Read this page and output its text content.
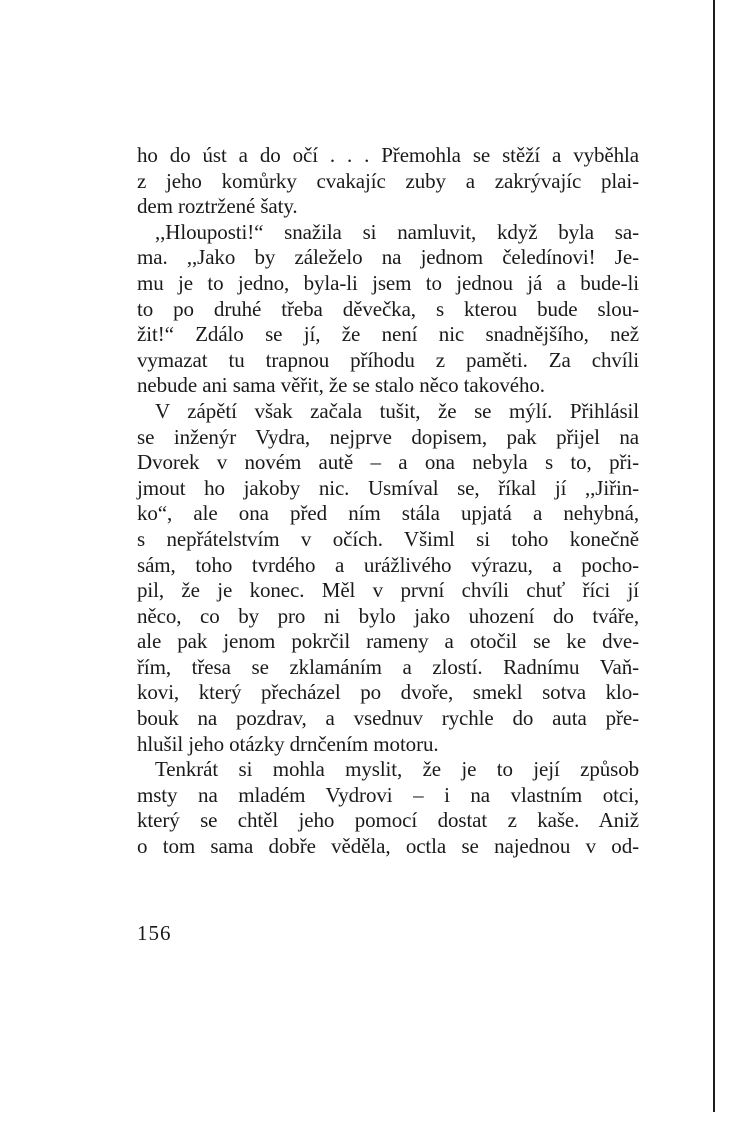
ho do úst a do očí . . . Přemohla se stěží a vyběhla
z jeho komůrky cvakajíc zuby a zakrývajíc plai-
dem roztržené šaty.
,,Hlouposti!“ snažila si namluvit, když byla sa-
ma. ,,Jako by záleželo na jednom čeledínovi! Je-
mu je to jedno, byla-li jsem to jednou já a bude-li
to po druhé třeba děvečka, s kterou bude slou-
žit!“ Zdálo se jí, že není nic snadnějšího, než
vymazat tu trapnou příhodu z paměti. Za chvíli
nebude ani sama věřit, že se stalo něco takového.
V zápětí však začala tušit, že se mýlí. Přihlásil
se inženýr Vydra, nejprve dopisem, pak přijel na
Dvorek v novém autě – a ona nebyla s to, při-
jmout ho jakoby nic. Usmíval se, říkal jí ,,Jiřin-
ko“, ale ona před ním stála upjatá a nehybná,
s nepřátelstvím v očích. Všiml si toho konečně
sám, toho tvrdého a urážlivého výrazu, a pocho-
pil, že je konec. Měl v první chvíli chuť říci jí
něco, co by pro ni bylo jako uhození do tváře,
ale pak jenom pokrčil rameny a otočil se ke dve-
řím, třesa se zklamáním a zlostí. Radnímu Vaň-
kovi, který přecházel po dvoře, smekl sotva klo-
bouk na pozdrav, a vsednuv rychle do auta pře-
hlušil jeho otázky drnčením motoru.
Tenkrát si mohla myslit, že je to její způsob
msty na mladém Vydrovi – i na vlastním otci,
který se chtěl jeho pomocí dostat z kaše. Aniž
o tom sama dobře věděla, octla se najednou v od-
156
